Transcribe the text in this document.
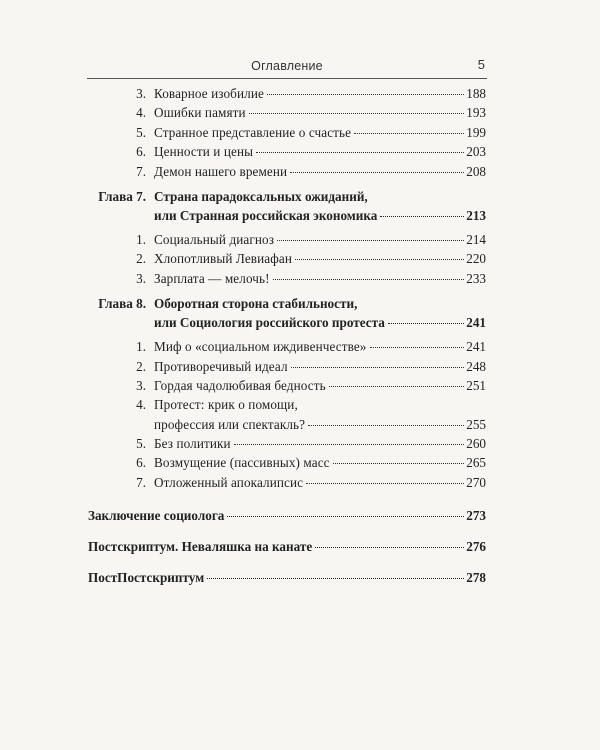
Оглавление	5
3. Коварное изобилие	188
4. Ошибки памяти	193
5. Странное представление о счастье	199
6. Ценности и цены	203
7. Демон нашего времени	208
Глава 7. Страна парадоксальных ожиданий,
или Странная российская экономика	213
1. Социальный диагноз	214
2. Хлопотливый Левиафан	220
3. Зарплата — мелочь!	233
Глава 8. Оборотная сторона стабильности,
или Социология российского протеста	241
1. Миф о «социальном иждивенчестве»	241
2. Противоречивый идеал	248
3. Гордая чадолюбивая бедность	251
4. Протест: крик о помощи,
профессия или спектакль?	255
5. Без политики	260
6. Возмущение (пассивных) масс	265
7. Отложенный апокалипсис	270
Заключение социолога	273
Постскриптум. Неваляшка на канате	276
ПостПостскриптум	278
